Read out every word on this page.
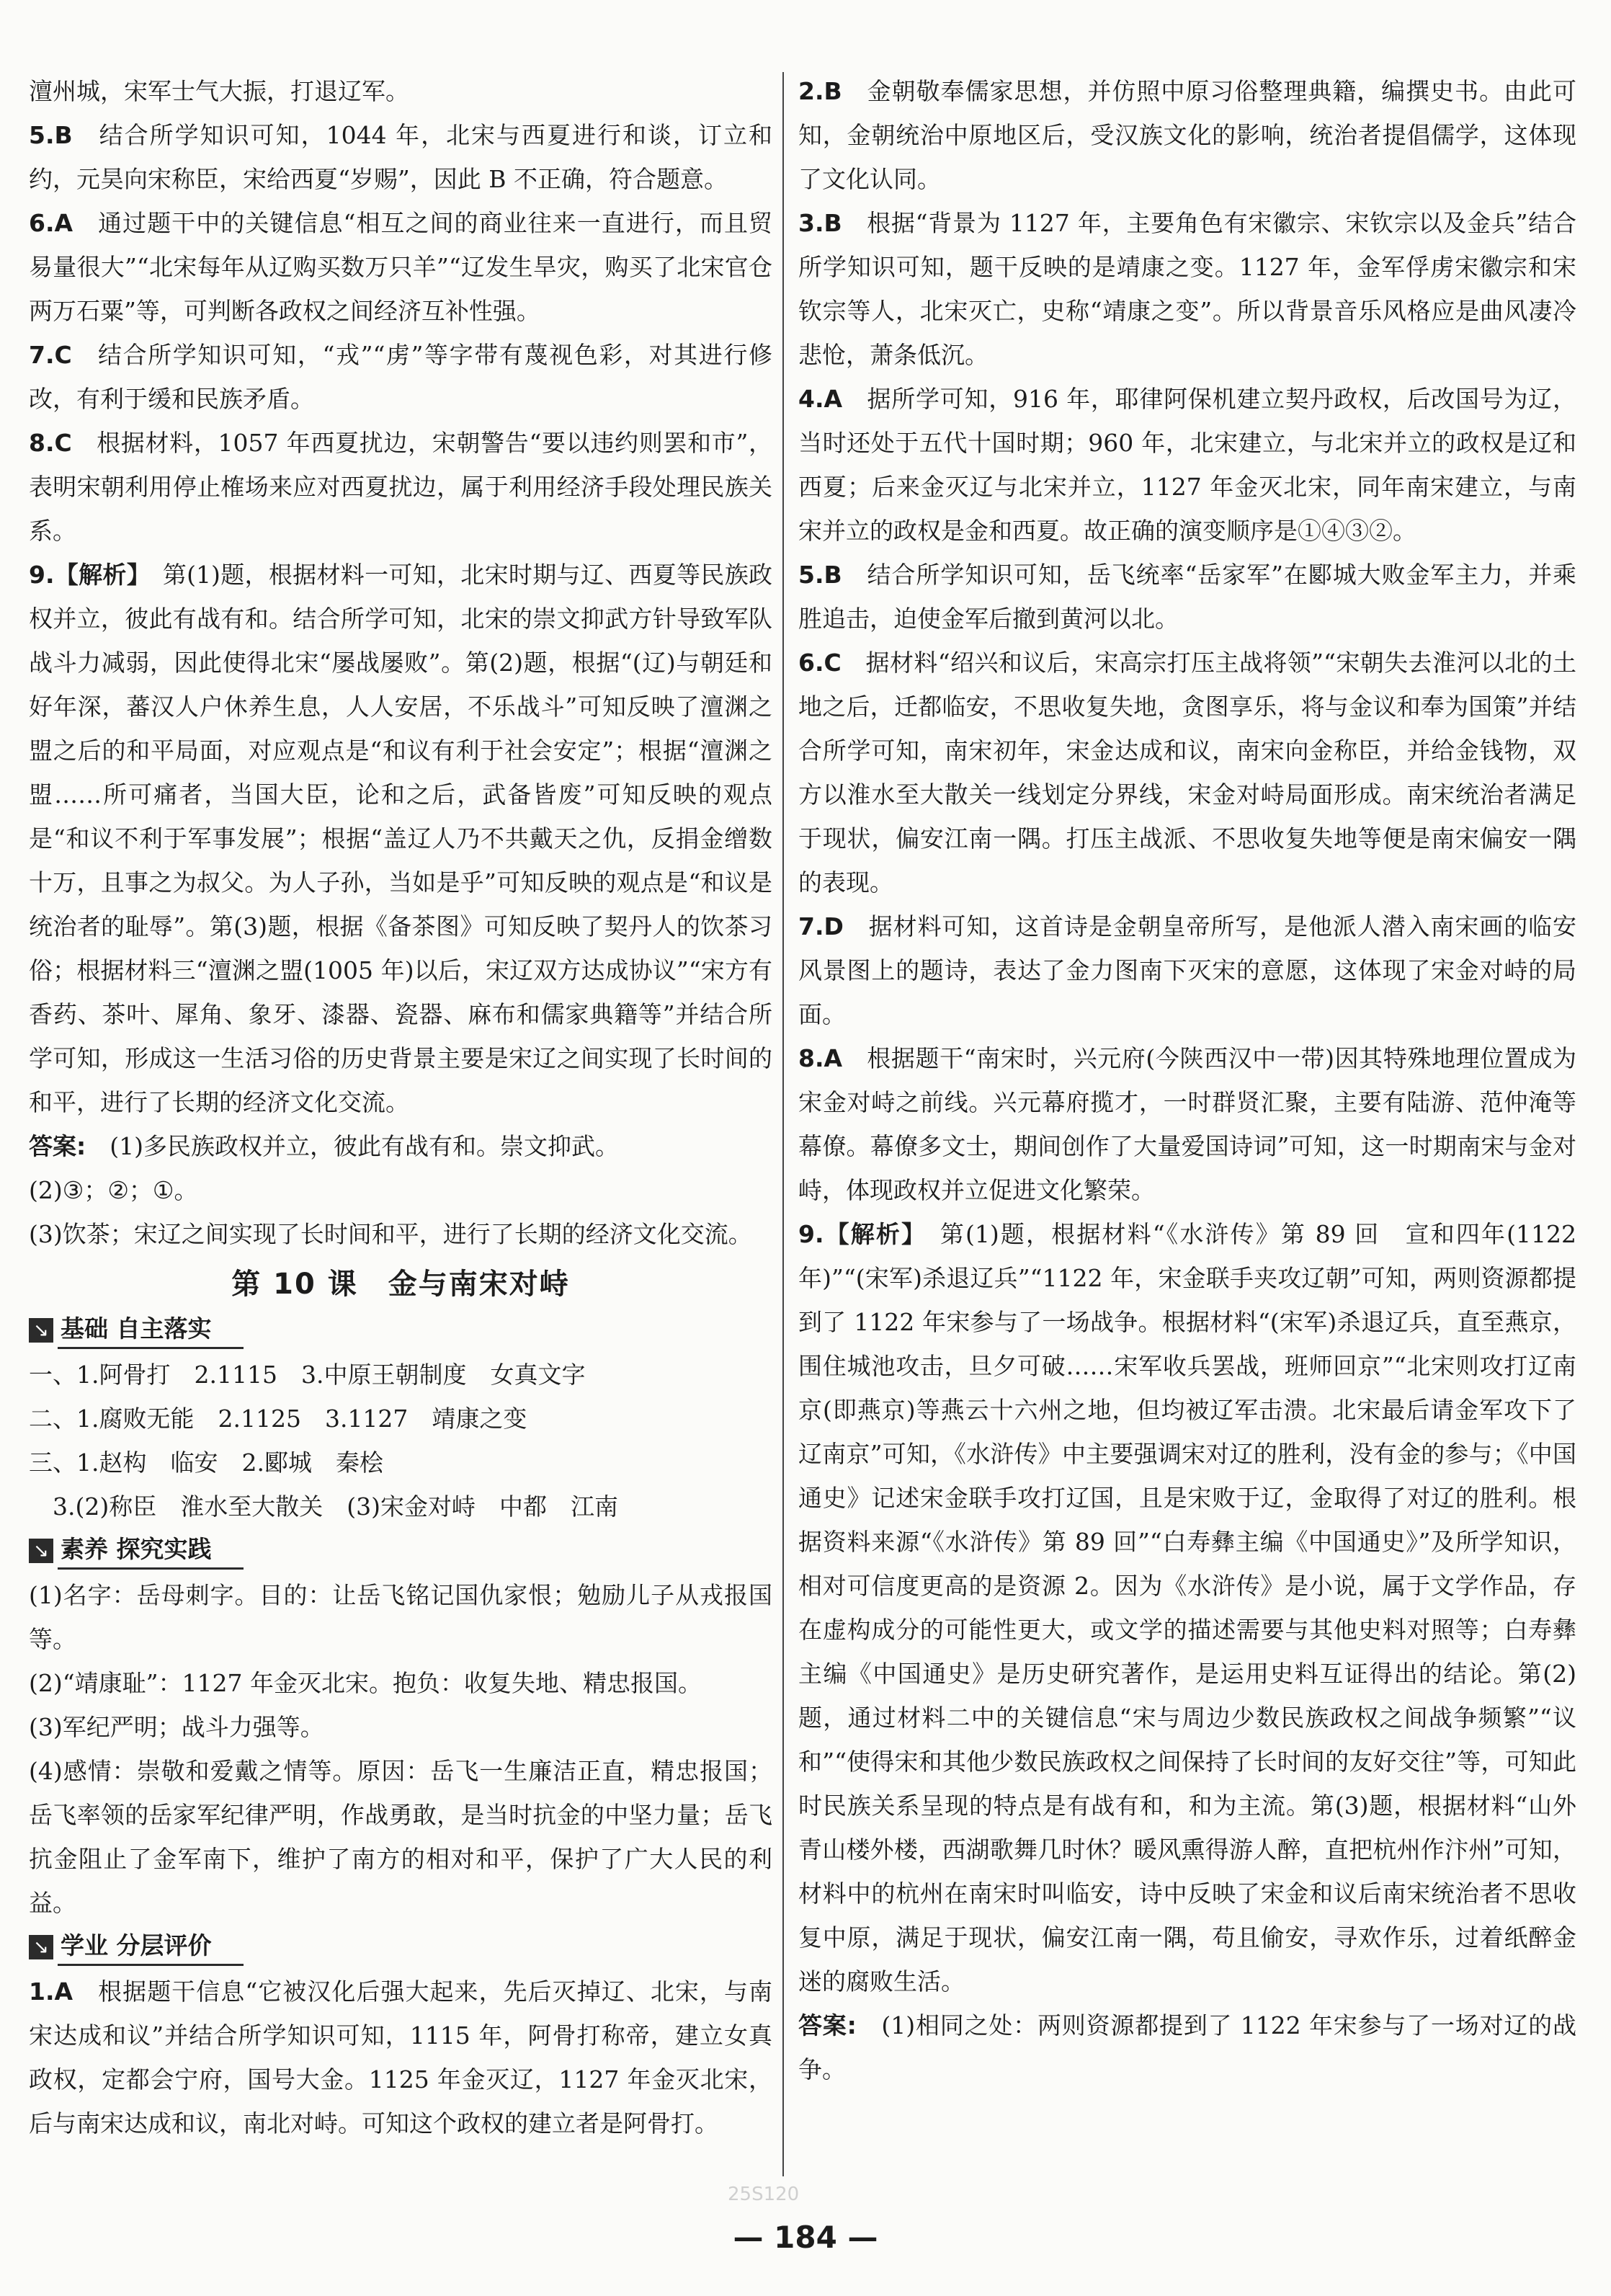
澶州城，宋军士气大振，打退辽军。

5.B　 结合所学知识可知，1044 年，北宋与西夏进行和谈，订立和约，元昊向宋称臣，宋给西夏“岁赐”，因此 B 不正确，符合题意。

6.A　 通过题干中的关键信息“相互之间的商业往来一直进行，而且贸易量很大”“北宋每年从辽购买数万只羊”“辽发生旱灾，购买了北宋官仓两万石粟”等，可判断各政权之间经济互补性强。

7.C　 结合所学知识可知，“戎”“虏”等字带有蔑视色彩，对其进行修改，有利于缓和民族矛盾。

8.C　 根据材料，1057 年西夏扰边，宋朝警告“要以违约则罢和市”，表明宋朝利用停止榷场来应对西夏扰边，属于利用经济手段处理民族关系。

9.【解析】　 第(1)题，根据材料一可知，北宋时期与辽、西夏等民族政权并立，彼此有战有和。结合所学可知，北宋的崇文抑武方针导致军队战斗力减弱，因此使得北宋“屡战屡败”。第(2)题，根据“(辽)与朝廷和好年深，蕃汉人户休养生息，人人安居，不乐战斗”可知反映了澶渊之盟之后的和平局面，对应观点是“和议有利于社会安定”；根据“澶渊之盟……所可痛者，当国大臣，论和之后，武备皆废”可知反映的观点是“和议不利于军事发展”；根据“盖辽人乃不共戴天之仇，反捐金缯数十万，且事之为叔父。为人子孙，当如是乎”可知反映的观点是“和议是统治者的耻辱”。第(3)题，根据《备茶图》可知反映了契丹人的饮茶习俗；根据材料三“澶渊之盟(1005 年)以后，宋辽双方达成协议”“宋方有香药、茶叶、犀角、象牙、漆器、瓷器、麻布和儒家典籍等”并结合所学可知，形成这一生活习俗的历史背景主要是宋辽之间实现了长时间的和平，进行了长期的经济文化交流。

答案:　 (1)多民族政权并立，彼此有战有和。崇文抑武。

(2)③；②；①。

(3)饮茶；宋辽之间实现了长时间和平，进行了长期的经济文化交流。

第 10 课　金与南宋对峙
↘ 基础 自主落实

一、1.阿骨打　2.1115　3.中原王朝制度　女真文字

二、1.腐败无能　2.1125　3.1127　靖康之变

三、1.赵构　临安　2.郾城　秦桧

　3.(2)称臣　淮水至大散关　(3)宋金对峙　中都　江南

↘ 素养 探究实践

(1)名字：岳母刺字。目的：让岳飞铭记国仇家恨；勉励儿子从戎报国等。

(2)“靖康耻”：1127 年金灭北宋。抱负：收复失地、精忠报国。

(3)军纪严明；战斗力强等。

(4)感情：崇敬和爱戴之情等。原因：岳飞一生廉洁正直，精忠报国；岳飞率领的岳家军纪律严明，作战勇敢，是当时抗金的中坚力量；岳飞抗金阻止了金军南下，维护了南方的相对和平，保护了广大人民的利益。

↘ 学业 分层评价

1.A　 根据题干信息“它被汉化后强大起来，先后灭掉辽、北宋，与南宋达成和议”并结合所学知识可知，1115 年，阿骨打称帝，建立女真政权，定都会宁府，国号大金。1125 年金灭辽，1127 年金灭北宋，后与南宋达成和议，南北对峙。可知这个政权的建立者是阿骨打。

2.B　 金朝敬奉儒家思想，并仿照中原习俗整理典籍，编撰史书。由此可知，金朝统治中原地区后，受汉族文化的影响，统治者提倡儒学，这体现了文化认同。

3.B　 根据“背景为 1127 年，主要角色有宋徽宗、宋钦宗以及金兵”结合所学知识可知，题干反映的是靖康之变。1127 年，金军俘虏宋徽宗和宋钦宗等人，北宋灭亡，史称“靖康之变”。所以背景音乐风格应是曲风凄冷悲怆，萧条低沉。

4.A　 据所学可知，916 年，耶律阿保机建立契丹政权，后改国号为辽，当时还处于五代十国时期；960 年，北宋建立，与北宋并立的政权是辽和西夏；后来金灭辽与北宋并立，1127 年金灭北宋，同年南宋建立，与南宋并立的政权是金和西夏。故正确的演变顺序是①④③②。

5.B　 结合所学知识可知，岳飞统率“岳家军”在郾城大败金军主力，并乘胜追击，迫使金军后撤到黄河以北。

6.C　 据材料“绍兴和议后，宋高宗打压主战将领”“宋朝失去淮河以北的土地之后，迁都临安，不思收复失地，贪图享乐，将与金议和奉为国策”并结合所学可知，南宋初年，宋金达成和议，南宋向金称臣，并给金钱物，双方以淮水至大散关一线划定分界线，宋金对峙局面形成。南宋统治者满足于现状，偏安江南一隅。打压主战派、不思收复失地等便是南宋偏安一隅的表现。

7.D　 据材料可知，这首诗是金朝皇帝所写，是他派人潜入南宋画的临安风景图上的题诗，表达了金力图南下灭宋的意愿，这体现了宋金对峙的局面。

8.A　 根据题干“南宋时，兴元府(今陕西汉中一带)因其特殊地理位置成为宋金对峙之前线。兴元幕府揽才，一时群贤汇聚，主要有陆游、范仲淹等幕僚。幕僚多文士，期间创作了大量爱国诗词”可知，这一时期南宋与金对峙，体现政权并立促进文化繁荣。

9.【解析】　 第(1)题，根据材料“《水浒传》第 89 回　宣和四年(1122 年)”“(宋军)杀退辽兵”“1122 年，宋金联手夹攻辽朝”可知，两则资源都提到了 1122 年宋参与了一场战争。根据材料“(宋军)杀退辽兵，直至燕京，围住城池攻击，旦夕可破……宋军收兵罢战，班师回京”“北宋则攻打辽南京(即燕京)等燕云十六州之地，但均被辽军击溃。北宋最后请金军攻下了辽南京”可知，《水浒传》中主要强调宋对辽的胜利，没有金的参与；《中国通史》记述宋金联手攻打辽国，且是宋败于辽，金取得了对辽的胜利。根据资料来源“《水浒传》第 89 回”“白寿彝主编《中国通史》”及所学知识，相对可信度更高的是资源 2。因为《水浒传》是小说，属于文学作品，存在虚构成分的可能性更大，或文学的描述需要与其他史料对照等；白寿彝主编《中国通史》是历史研究著作，是运用史料互证得出的结论。第(2)题，通过材料二中的关键信息“宋与周边少数民族政权之间战争频繁”“议和”“使得宋和其他少数民族政权之间保持了长时间的友好交往”等，可知此时民族关系呈现的特点是有战有和，和为主流。第(3)题，根据材料“山外青山楼外楼，西湖歌舞几时休？暖风熏得游人醉，直把杭州作汴州”可知，材料中的杭州在南宋时叫临安，诗中反映了宋金和议后南宋统治者不思收复中原，满足于现状，偏安江南一隅，苟且偷安，寻欢作乐，过着纸醉金迷的腐败生活。

答案:　 (1)相同之处：两则资源都提到了 1122 年宋参与了一场对辽的战争。

25S120
— 184 —
